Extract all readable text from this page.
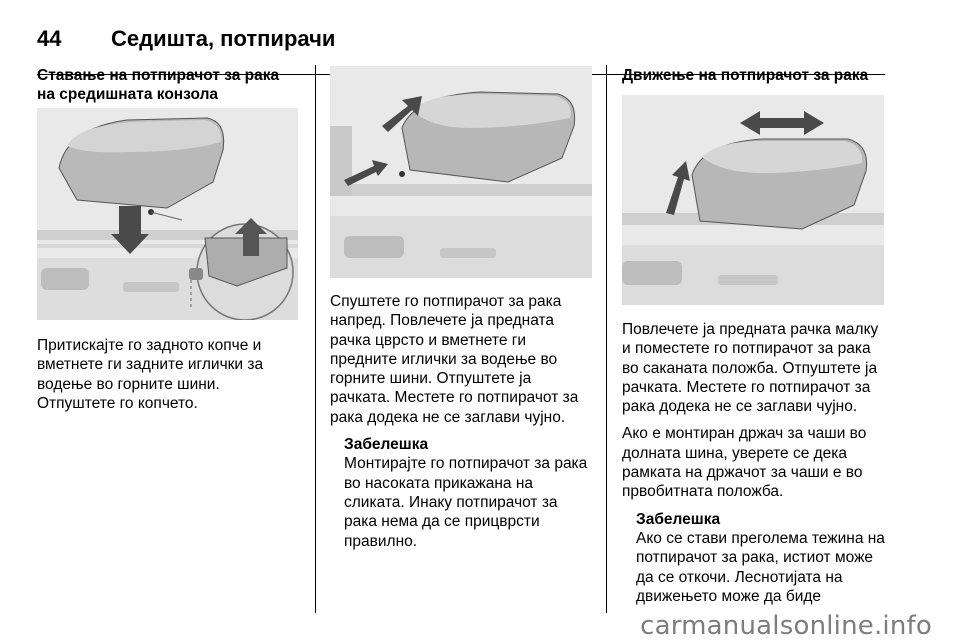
44 Седишта, потпирачи
Ставање на потпирачот за рака на средишната конзола

Притискајте го задното копче и вметнете ги задните иглички за водење во горните шини. Отпуштете го копчето.

Спуштете го потпирачот за рака напред. Повлечете ја предната рачка цврсто и вметнете ги предните иглички за водење во горните шини. Отпуштете ја рачката. Местете го потпирачот за рака додека не се заглави чујно.

Забелешка
Монтирајте го потпирачот за рака во насоката прикажана на сликата. Инаку потпирачот за рака нема да се прицврсти правилно.
Движење на потпирачот за рака

Повлечете ја предната рачка малку и поместете го потпирачот за рака во саканата положба. Отпуштете ја рачката. Местете го потпирачот за рака додека не се заглави чујно.

Ако е монтиран држач за чаши во долната шина, уверете се дека рамката на држачот за чаши е во првобитната положба.

Забелешка
Ако се стави преголема тежина на потпирачот за рака, истиот може да се откочи. Леснотијата на движењето може да биде
carmanualsonline.info
